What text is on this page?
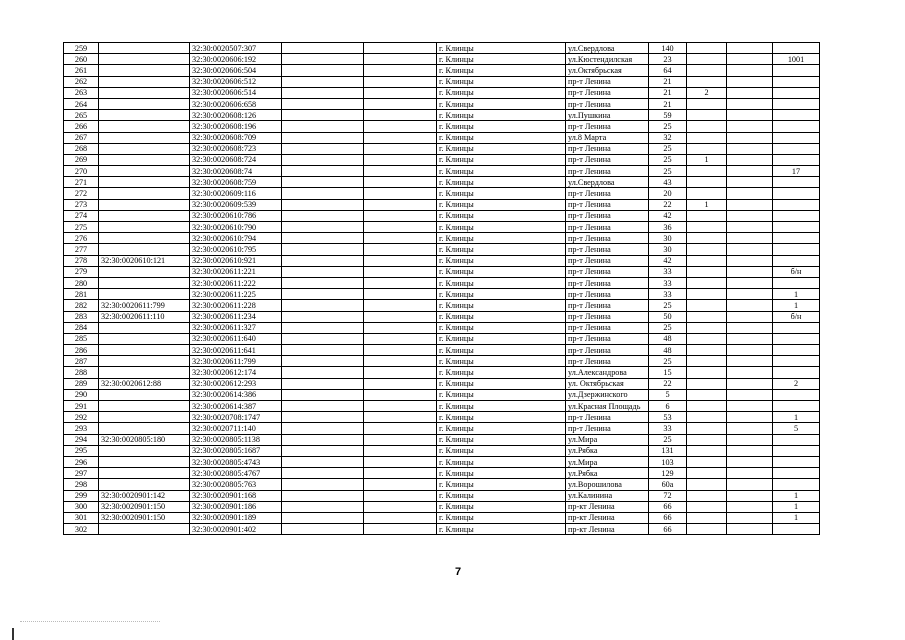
259		32:30:0020507:307			г. Клинцы	ул.Свердлова	140			
260		32:30:0020606:192			г. Клинцы	ул.Кюстендилская	23			1001
261		32:30:0020606:504			г. Клинцы	ул.Октябрьская	64			
262		32:30:0020606:512			г. Клинцы	пр-т Ленина	21			
263		32:30:0020606:514			г. Клинцы	пр-т Ленина	21	2		
264		32:30:0020606:658			г. Клинцы	пр-т Ленина	21			
265		32:30:0020608:126			г. Клинцы	ул.Пушкина	59			
266		32:30:0020608:196			г. Клинцы	пр-т Ленина	25			
267		32:30:0020608:709			г. Клинцы	ул.8 Марта	32			
268		32:30:0020608:723			г. Клинцы	пр-т Ленина	25			
269		32:30:0020608:724			г. Клинцы	пр-т Ленина	25	1		
270		32:30:0020608:74			г. Клинцы	пр-т Ленина	25			17
271		32:30:0020608:759			г. Клинцы	ул.Свердлова	43			
272		32:30:0020609:116			г. Клинцы	пр-т Ленина	20			
273		32:30:0020609:539			г. Клинцы	пр-т Ленина	22	1		
274		32:30:0020610:786			г. Клинцы	пр-т Ленина	42			
275		32:30:0020610:790			г. Клинцы	пр-т Ленина	36			
276		32:30:0020610:794			г. Клинцы	пр-т Ленина	30			
277		32:30:0020610:795			г. Клинцы	пр-т Ленина	30			
278	32:30:0020610:121	32:30:0020610:921			г. Клинцы	пр-т Ленина	42			
279		32:30:0020611:221			г. Клинцы	пр-т Ленина	33			б/н
280		32:30:0020611:222			г. Клинцы	пр-т Ленина	33			
281		32:30:0020611:225			г. Клинцы	пр-т Ленина	33			1
282	32:30:0020611:799	32:30:0020611:228			г. Клинцы	пр-т Ленина	25			1
283	32:30:0020611:110	32:30:0020611:234			г. Клинцы	пр-т Ленина	50			б/н
284		32:30:0020611:327			г. Клинцы	пр-т Ленина	25			
285		32:30:0020611:640			г. Клинцы	пр-т Ленина	48			
286		32:30:0020611:641			г. Клинцы	пр-т Ленина	48			
287		32:30:0020611:799			г. Клинцы	пр-т Ленина	25			
288		32:30:0020612:174			г. Клинцы	ул.Александрова	15			
289	32:30:0020612:88	32:30:0020612:293			г. Клинцы	ул. Октябрьская	22			2
290		32:30:0020614:386			г. Клинцы	ул.Дзержинского	5			
291		32:30:0020614:387			г. Клинцы	ул.Красная Площадь	6			
292		32:30:0020708:1747			г. Клинцы	пр-т Ленина	53			1
293		32:30:0020711:140			г. Клинцы	пр-т Ленина	33			5
294	32:30:0020805:180	32:30:0020805:1138			г. Клинцы	ул.Мира	25			
295		32:30:0020805:1687			г. Клинцы	ул.Рябка	131			
296		32:30:0020805:4743			г. Клинцы	ул.Мира	103			
297		32:30:0020805:4767			г. Клинцы	ул.Рябка	129			
298		32:30:0020805:763			г. Клинцы	ул.Ворошилова	60а			
299	32:30:0020901:142	32:30:0020901:168			г. Клинцы	ул.Калинина	72			1
300	32:30:0020901:150	32:30:0020901:186			г. Клинцы	пр-кт Ленина	66			1
301	32:30:0020901:150	32:30:0020901:189			г. Клинцы	пр-кт Ленина	66			1
302		32:30:0020901:402			г. Клинцы	пр-кт Ленина	66			
7
